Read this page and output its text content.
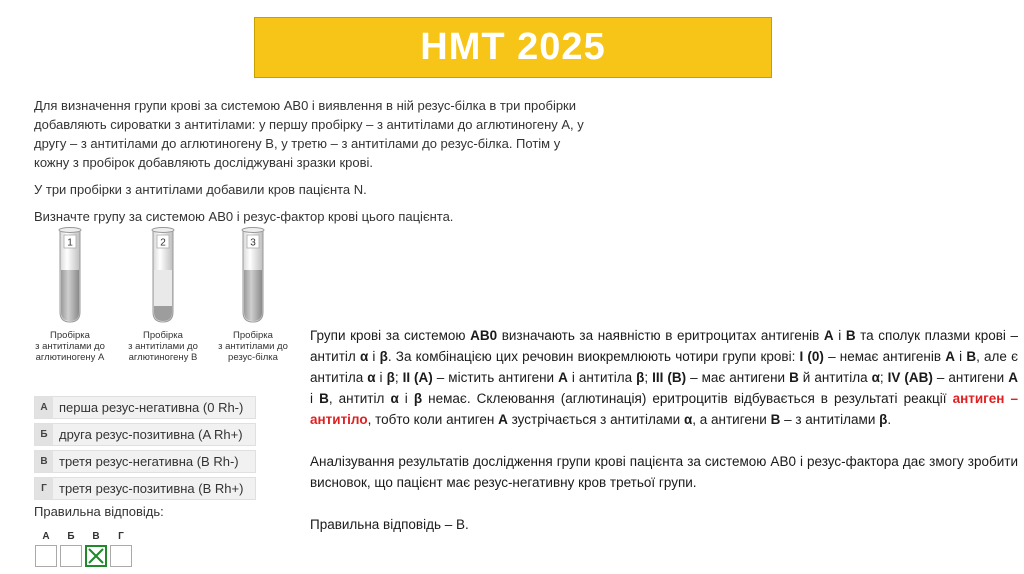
НМТ 2025

Для визначення групи крові за системою АВ0 і виявлення в ній резус-білка в три пробірки добавляють сироватки з антитілами: у першу пробірку – з антитілами до аглютиногену А, у другу – з антитілами до аглютиногену В, у третю – з антитілами до резус-білка. Потім у кожну з пробірок добавляють досліджувані зразки крові.

У три пробірки з антитілами добавили кров пацієнта N.

Визначте групу за системою АВ0 і резус-фактор крові цього пацієнта.

1
Пробірка
з антитілами до
аглютиногену А
2
Пробірка
з антитілами до
аглютиногену В
3
Пробірка
з антитілами до
резус-білка
А перша резус-негативна (0 Rh-)
Б друга резус-позитивна (A Rh+)
В третя резус-негативна (B Rh-)
Г третя резус-позитивна (B Rh+)
Правильна відповідь:
А	Б	В	Г

Групи крові за системою АВ0 визначають за наявністю в еритроцитах антигенів А і В та сполук плазми крові – антитіл α і β. За комбінацією цих речовин виокремлюють чотири групи крові: І (0) – немає антигенів А і В, але є антитіла α і β; II (A) – містить антигени А і антитіла β; III (B) – має антигени В й антитіла α; IV (AB) – антигени А і В, антитіл α і β немає. Склеювання (аглютинація) еритроцитів відбувається в результаті реакції антиген – антитіло, тобто коли антиген А зустрічається з антитілами α, а антигени В – з антитілами β.

Аналізування результатів дослідження групи крові пацієнта за системою АВ0 і резус-фактора дає змогу зробити висновок, що пацієнт має резус-негативну кров третьої групи.

Правильна відповідь – В.
